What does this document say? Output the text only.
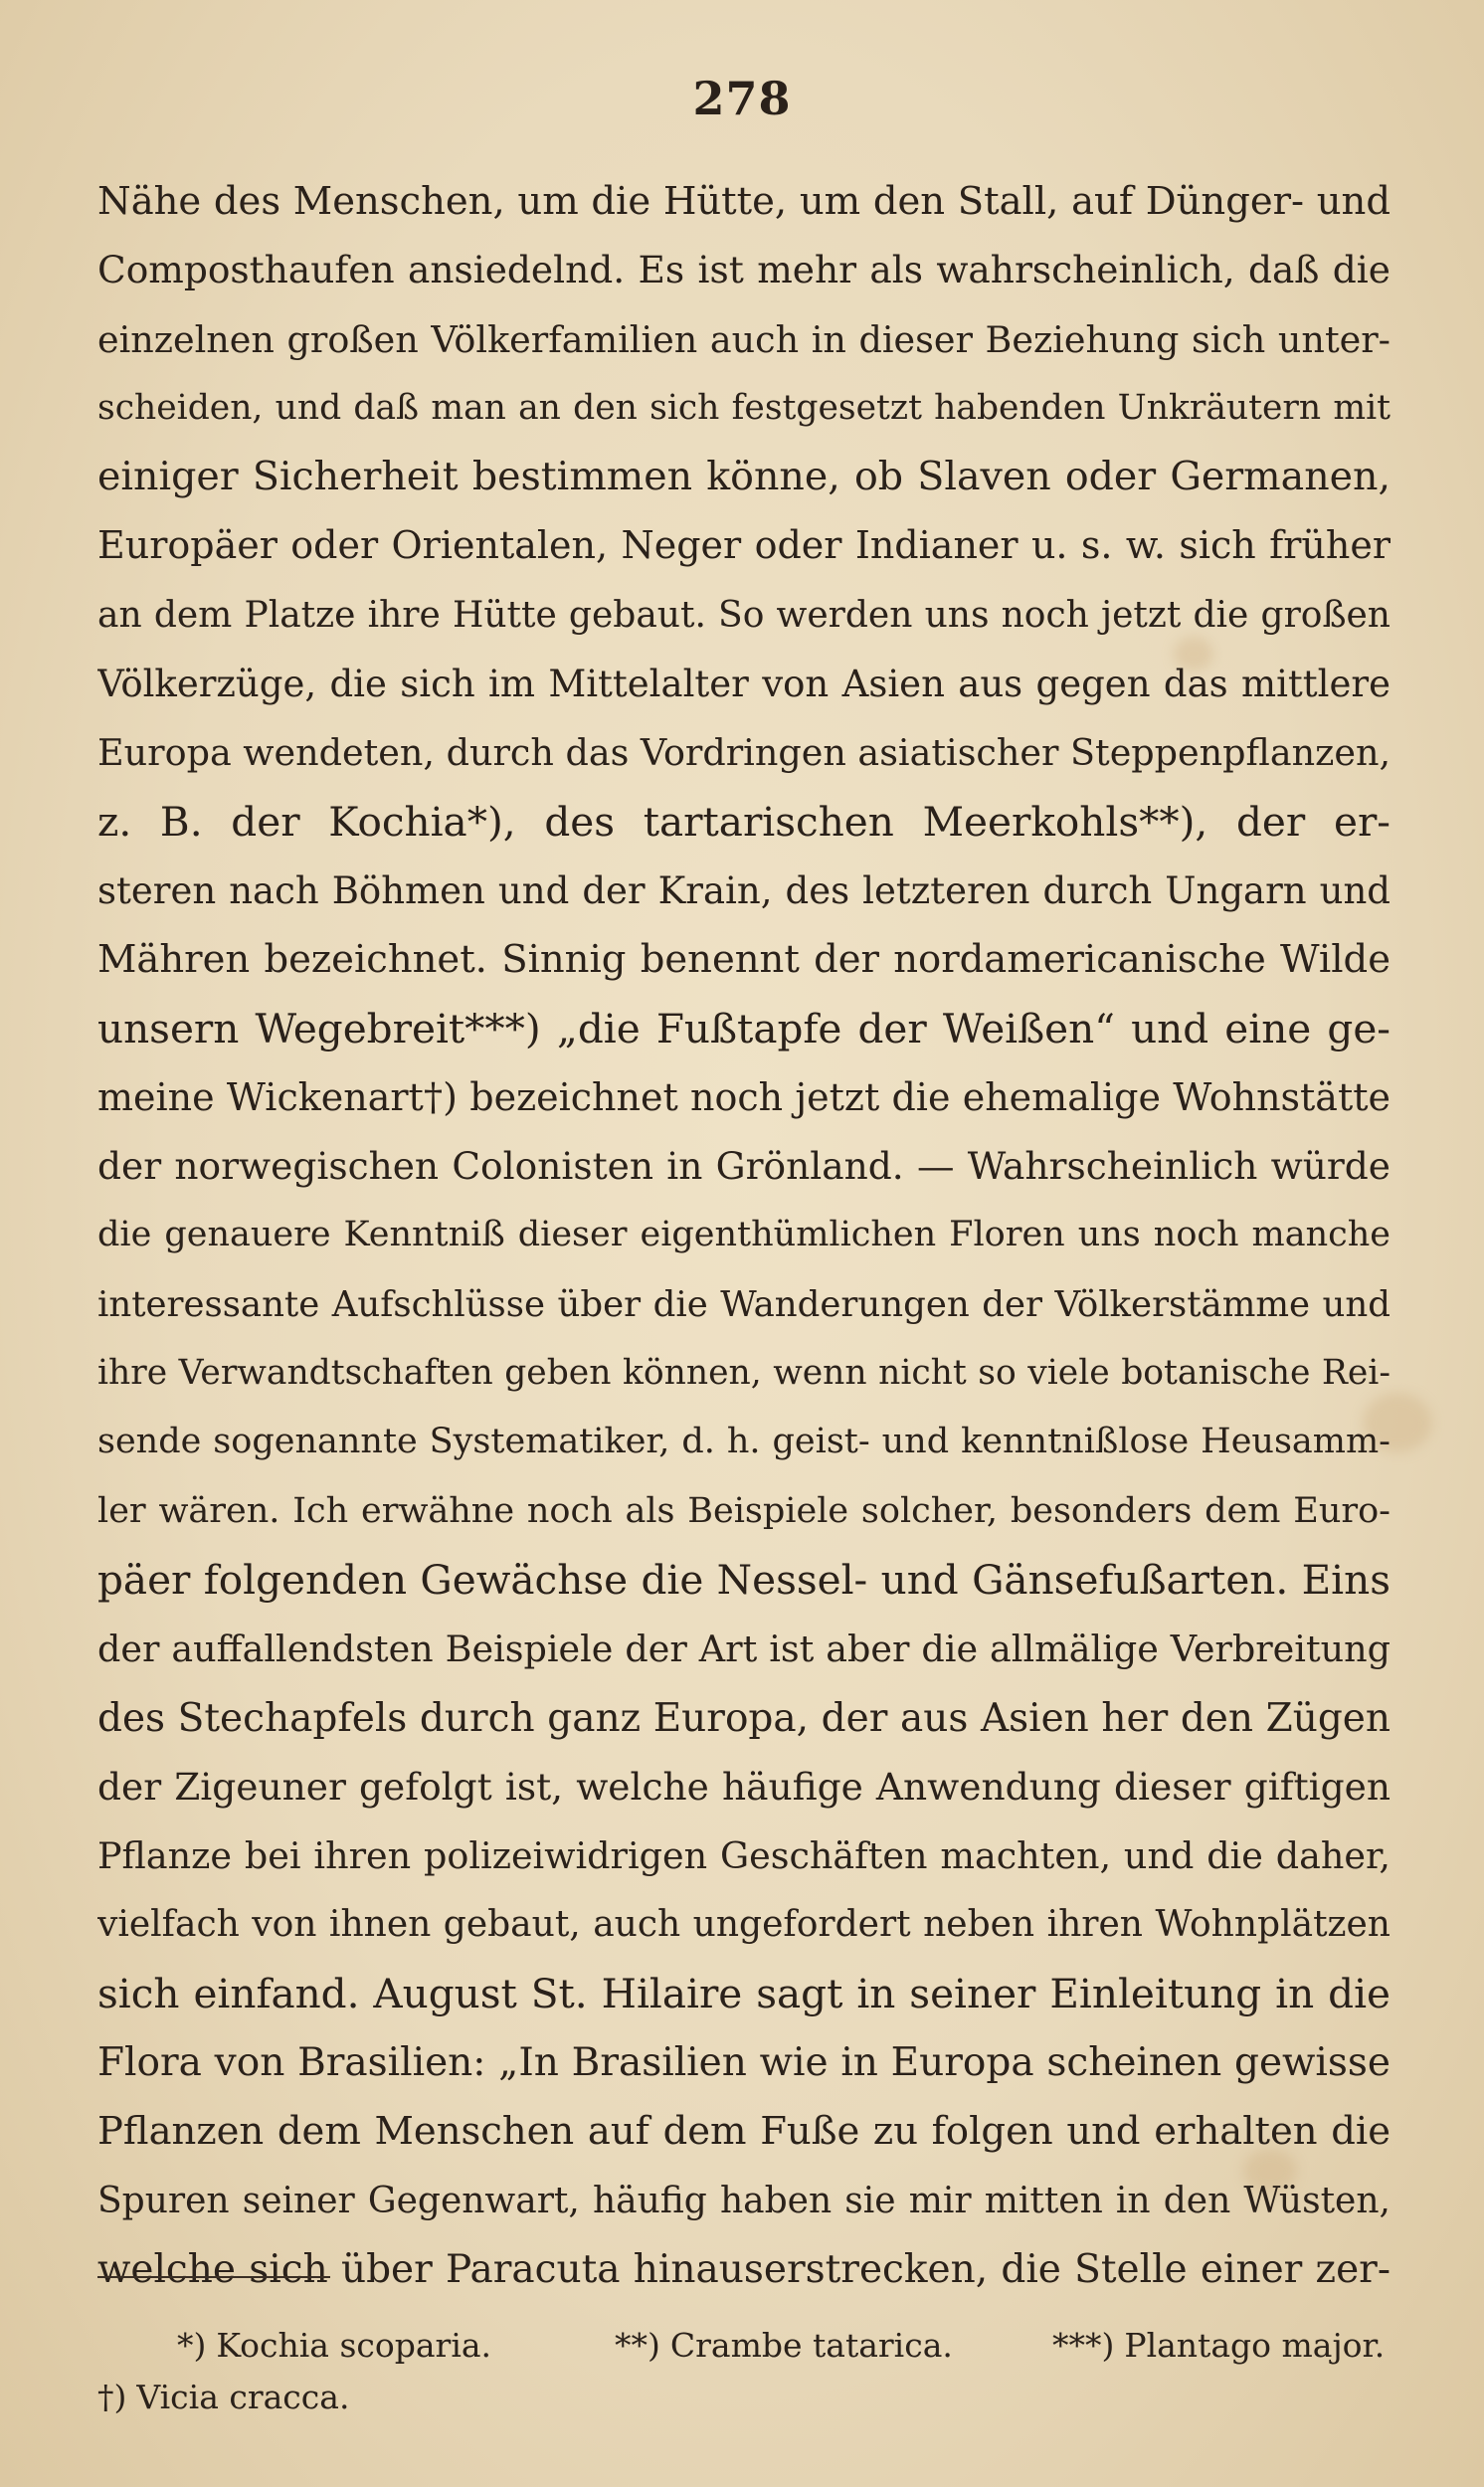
278
Nähe des Menschen, um die Hütte, um den Stall, auf Dünger- und
Composthaufen ansiedelnd. Es ist mehr als wahrscheinlich, daß die
einzelnen großen Völkerfamilien auch in dieser Beziehung sich unter-
scheiden, und daß man an den sich festgesetzt habenden Unkräutern mit
einiger Sicherheit bestimmen könne, ob Slaven oder Germanen,
Europäer oder Orientalen, Neger oder Indianer u. s. w. sich früher
an dem Platze ihre Hütte gebaut. So werden uns noch jetzt die großen
Völkerzüge, die sich im Mittelalter von Asien aus gegen das mittlere
Europa wendeten, durch das Vordringen asiatischer Steppenpflanzen,
z. B. der Kochia*), des tartarischen Meerkohls**), der er-
steren nach Böhmen und der Krain, des letzteren durch Ungarn und
Mähren bezeichnet. Sinnig benennt der nordamericanische Wilde
unsern Wegebreit***) „die Fußtapfe der Weißen“ und eine ge-
meine Wickenart†) bezeichnet noch jetzt die ehemalige Wohnstätte
der norwegischen Colonisten in Grönland. — Wahrscheinlich würde
die genauere Kenntniß dieser eigenthümlichen Floren uns noch manche
interessante Aufschlüsse über die Wanderungen der Völkerstämme und
ihre Verwandtschaften geben können, wenn nicht so viele botanische Rei-
sende sogenannte Systematiker, d. h. geist- und kenntnißlose Heusamm-
ler wären. Ich erwähne noch als Beispiele solcher, besonders dem Euro-
päer folgenden Gewächse die Nessel- und Gänsefußarten. Eins
der auffallendsten Beispiele der Art ist aber die allmälige Verbreitung
des Stechapfels durch ganz Europa, der aus Asien her den Zügen
der Zigeuner gefolgt ist, welche häufige Anwendung dieser giftigen
Pflanze bei ihren polizeiwidrigen Geschäften machten, und die daher,
vielfach von ihnen gebaut, auch ungefordert neben ihren Wohnplätzen
sich einfand. August St. Hilaire sagt in seiner Einleitung in die
Flora von Brasilien: „In Brasilien wie in Europa scheinen gewisse
Pflanzen dem Menschen auf dem Fuße zu folgen und erhalten die
Spuren seiner Gegenwart, häufig haben sie mir mitten in den Wüsten,
welche sich über Paracuta hinauserstrecken, die Stelle einer zer-
*) Kochia scoparia.	**) Crambe tatarica.	***) Plantago major.
†) Vicia cracca.
